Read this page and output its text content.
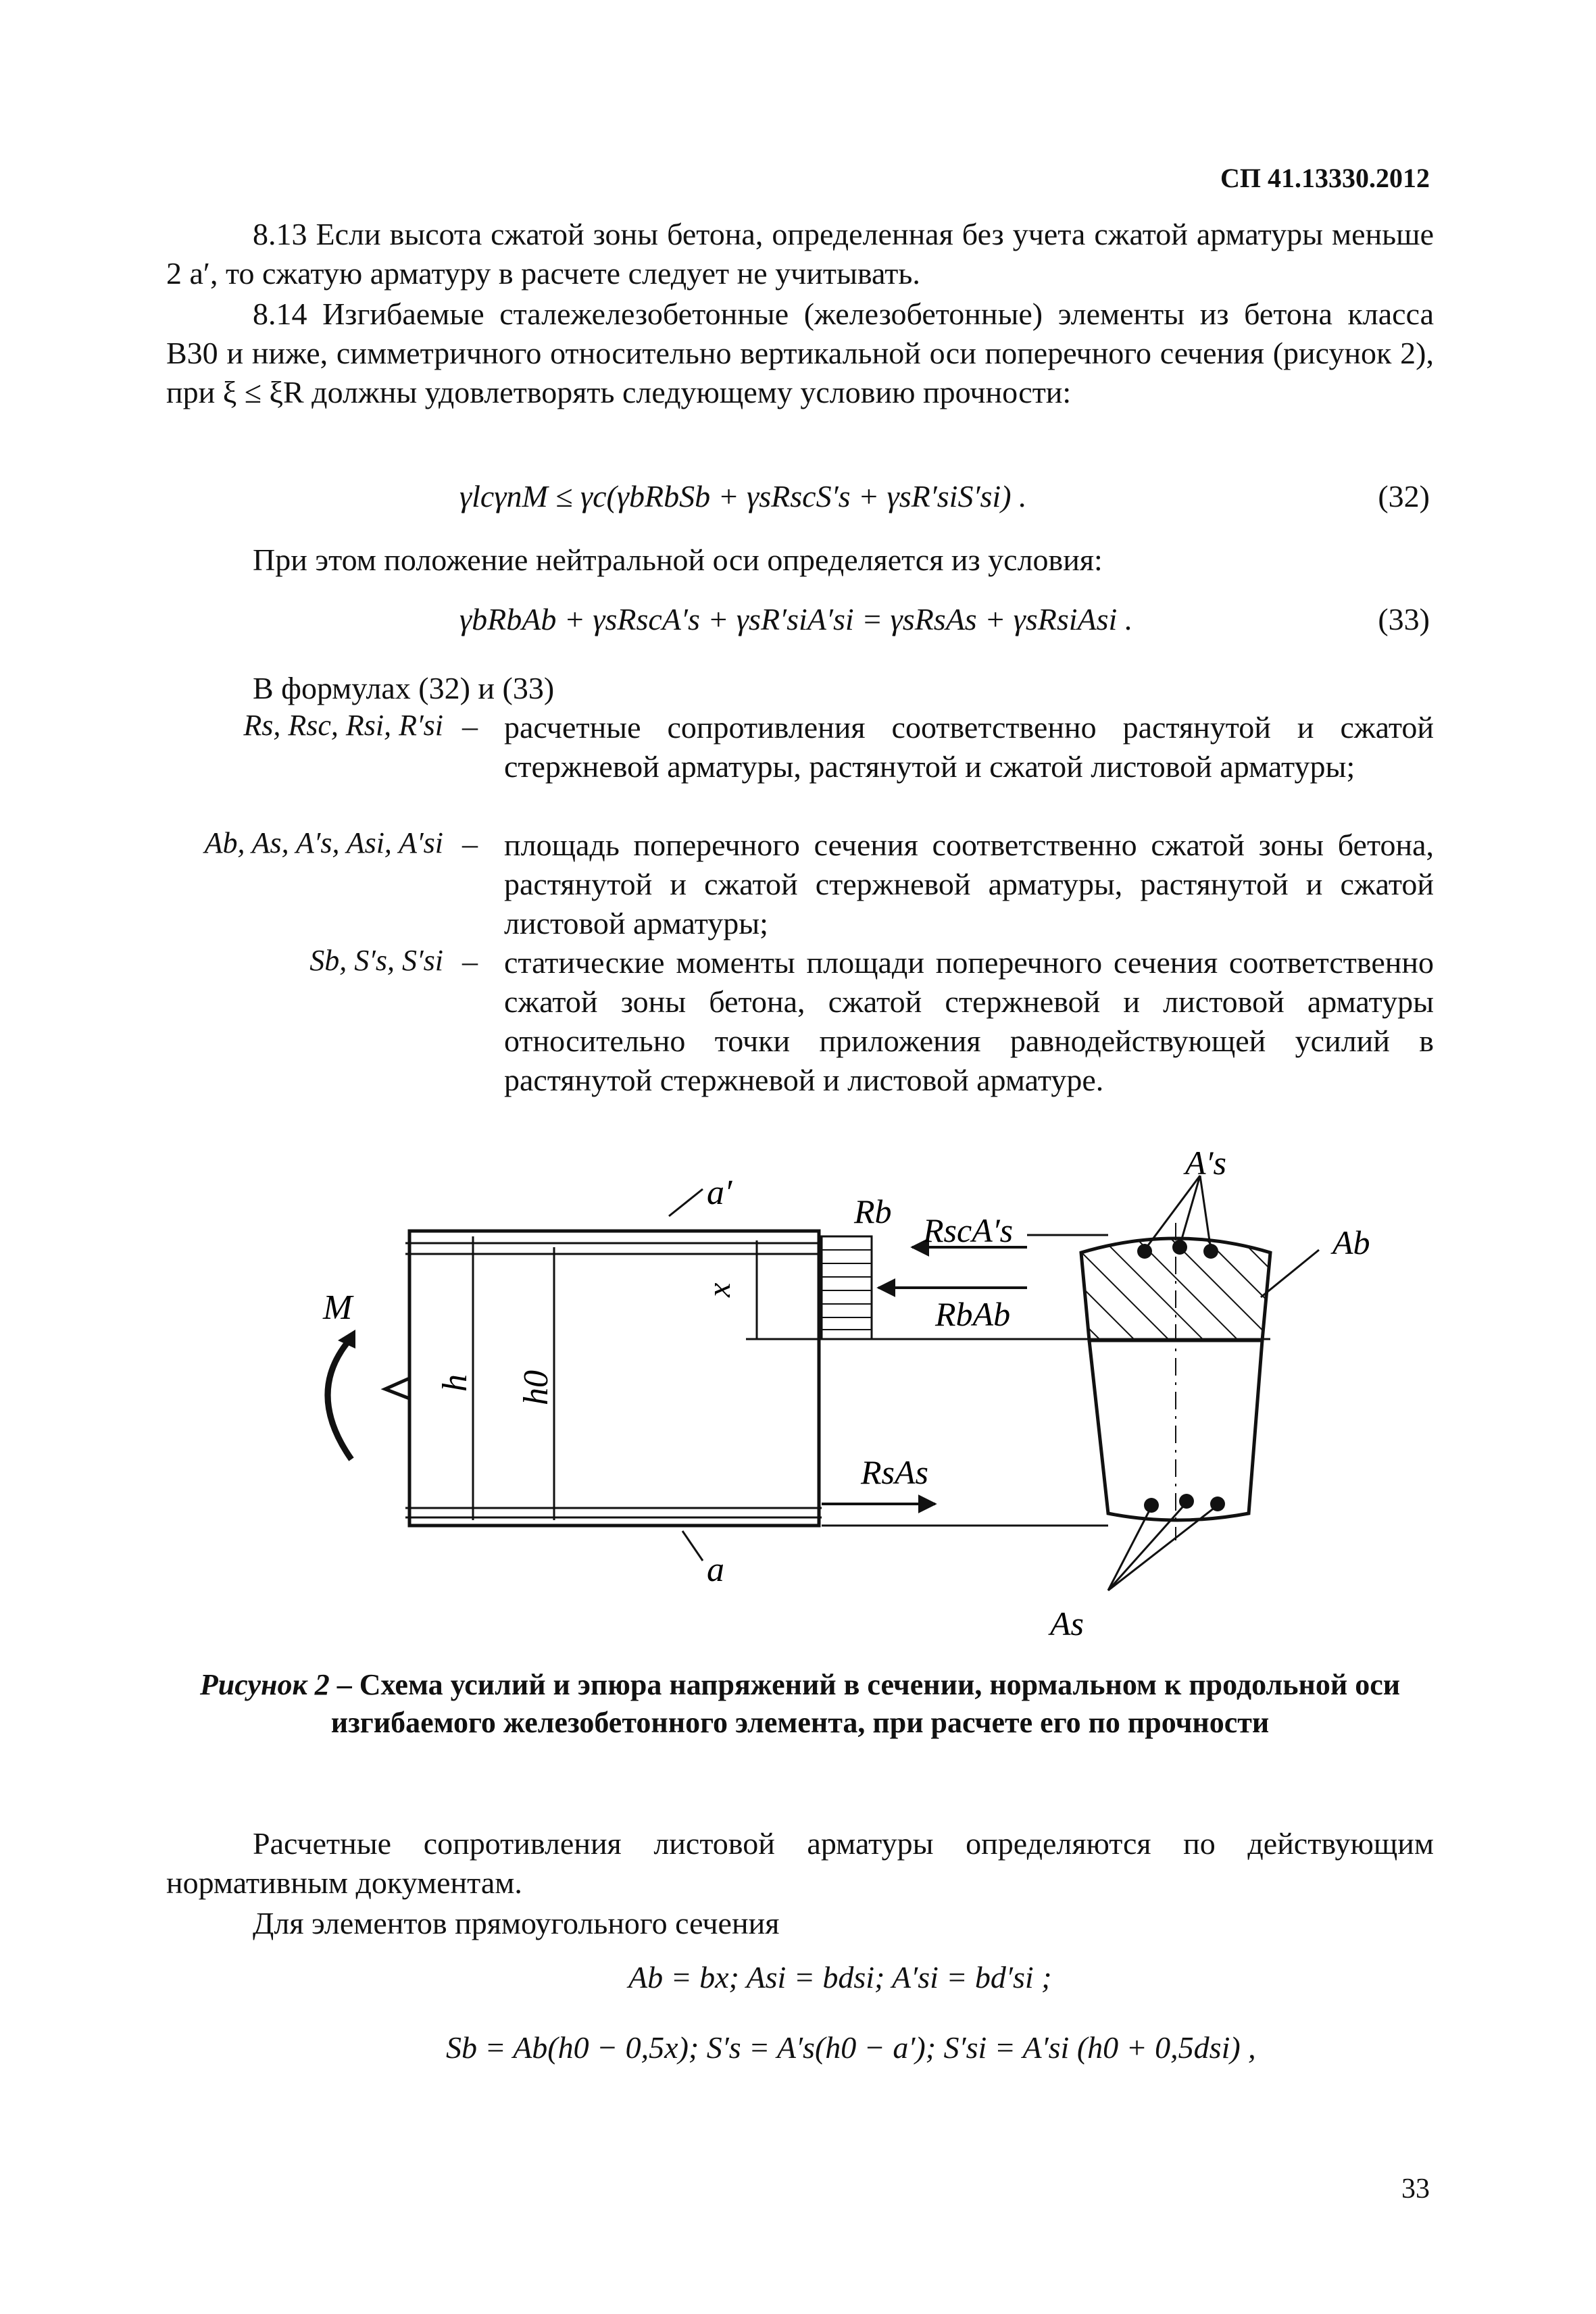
СП 41.13330.2012

8.13 Если высота сжатой зоны бетона, определенная без учета сжатой арматуры меньше 2 a′, то сжатую арматуру в расчете следует не учитывать.

8.14 Изгибаемые сталежелезобетонные (железобетонные) элементы из бетона класса B30 и ниже, симметричного относительно вертикальной оси поперечного сечения (рисунок 2), при ξ ≤ ξR должны удовлетворять следующему условию прочности:

γlcγnM ≤ γc(γbRbSb + γsRscS′s + γsR′siS′si) .	(32)

При этом положение нейтральной оси определяется из условия:

γbRbAb + γsRscA′s + γsR′siA′si = γsRsAs + γsRsiAsi .	(33)

В формулах (32) и (33)

Rs, Rsc, Rsi, R′si – расчетные сопротивления соответственно растянутой и сжатой стержневой арматуры, растянутой и сжатой листовой арматуры;
Ab, As, A′s, Asi, A′si – площадь поперечного сечения соответственно сжатой зоны бетона, растянутой и сжатой стержневой арматуры, растянутой и сжатой листовой арматуры;
Sb, S′s, S′si – статические моменты площади поперечного сечения соответственно сжатой зоны бетона, сжатой стержневой и листовой арматуры относительно точки приложения равнодействующей усилий в растянутой стержневой и листовой арматуре.
M
h h0
a′
a
x
Rb RscA′s
RbAb
RsAs
A′s
Ab
As
Рисунок 2 – Схема усилий и эпюра напряжений в сечении, нормальном к продольной оси изгибаемого железобетонного элемента, при расчете его по прочности

Расчетные сопротивления листовой арматуры определяются по действующим нормативным документам.

Для элементов прямоугольного сечения

Ab = bx; Asi = bdsi; A′si = bd′si ;
Sb = Ab(h0 − 0,5x); S′s = A′s(h0 − a′); S′si = A′si (h0 + 0,5dsi) ,
33
